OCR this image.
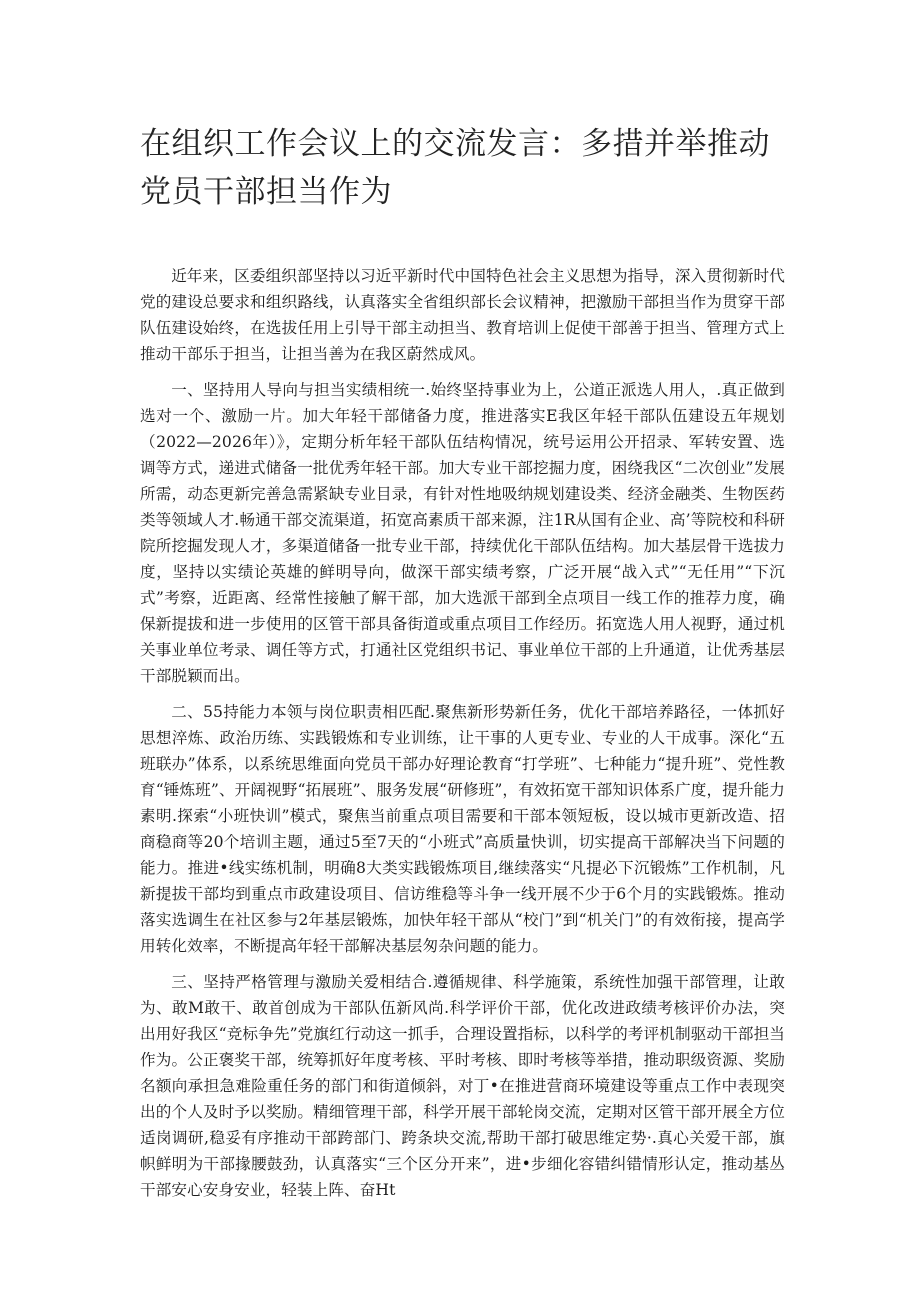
在组织工作会议上的交流发言：多措并举推动党员干部担当作为

近年来，区委组织部坚持以习近平新时代中国特色社会主义思想为指导，深入贯彻新时代党的建设总要求和组织路线，认真落实全省组织部长会议精神，把激励干部担当作为贯穿干部队伍建设始终，在选拔任用上引导干部主动担当、教育培训上促使干部善于担当、管理方式上推动干部乐于担当，让担当善为在我区蔚然成风。

一、坚持用人导向与担当实绩相统一.始终坚持事业为上，公道正派选人用人，.真正做到选对一个、激励一片。加大年轻干部储备力度，推进落实E我区年轻干部队伍建设五年规划（2022—2026年）》，定期分析年轻干部队伍结构情况，统号运用公开招录、军转安置、选调等方式，递进式储备一批优秀年轻干部。加大专业干部挖掘力度，困绕我区“二次创业”发展所需，动态更新完善急需紧缺专业目录，有针对性地吸纳规划建设类、经济金融类、生物医药类等领域人才.畅通干部交流渠道，拓宽高素质干部来源，注1R从国有企业、高’等院校和科研院所挖掘发现人才，多渠道储备一批专业干部，持续优化干部队伍结构。加大基层骨干选拔力度，坚持以实绩论英雄的鲜明导向，做深干部实绩考察，广泛开展“战入式”“无任用”“下沉式”考察，近距离、经常性接触了解干部，加大选派干部到全点项目一线工作的推荐力度，确保新提拔和进一步使用的区管干部具备街道或重点项目工作经历。拓宽选人用人视野，通过机关事业单位考录、调任等方式，打通社区党组织书记、事业单位干部的上升通道，让优秀基层干部脱颖而出。

二、55持能力本领与岗位职责相匹配.聚焦新形势新任务，优化干部培养路径，一体抓好思想淬炼、政治历练、实践锻炼和专业训练，让干事的人更专业、专业的人干成事。深化“五班联办”体系，以系统思维面向党员干部办好理论教育“打学班”、七种能力“提升班”、党性教育“锤炼班”、开阔视野“拓展班”、服务发展“研修班”，有效拓宽干部知识体系广度，提升能力素明.探索“小班快训”模式，聚焦当前重点项目需要和干部本领短板，设以城市更新改造、招商稳商等20个培训主题，通过5至7天的“小班式”高质量快训，切实提高干部解决当下问题的能力。推进•线实练机制，明确8大类实践锻炼项目,继续落实“凡提必下沉锻炼”工作机制，凡新提拔干部均到重点市政建设项目、信访维稳等斗争一线开展不少于6个月的实践锻炼。推动落实选调生在社区参与2年基层锻炼，加快年轻干部从“校门”到“机关门”的有效衔接，提高学用转化效率，不断提高年轻干部解决基层匆杂问题的能力。

三、坚持严格管理与激励关爱相结合.遵循规律、科学施策，系统性加强干部管理，让敢为、敢M敢干、敢首创成为干部队伍新风尚.科学评价干部，优化改进政绩考核评价办法，突出用好我区“竞标争先”党旗红行动这一抓手，合理设置指标，以科学的考评机制驱动干部担当作为。公正褒奖干部，统筹抓好年度考核、平时考核、即时考核等举措，推动职级资源、奖励名额向承担急难险重任务的部门和街道倾斜，对丁•在推进营商环境建设等重点工作中表现突出的个人及时予以奖励。精细管理干部，科学开展干部轮岗交流，定期对区管干部开展全方位适岗调研,稳妥有序推动干部跨部门、跨条块交流,帮助干部打破思维定势·.真心关爱干部，旗帜鲜明为干部掾腰鼓劲，认真落实“三个区分开来”，进•步细化容错纠错情形认定，推动基丛干部安心安身安业，轻装上阵、奋Ht
